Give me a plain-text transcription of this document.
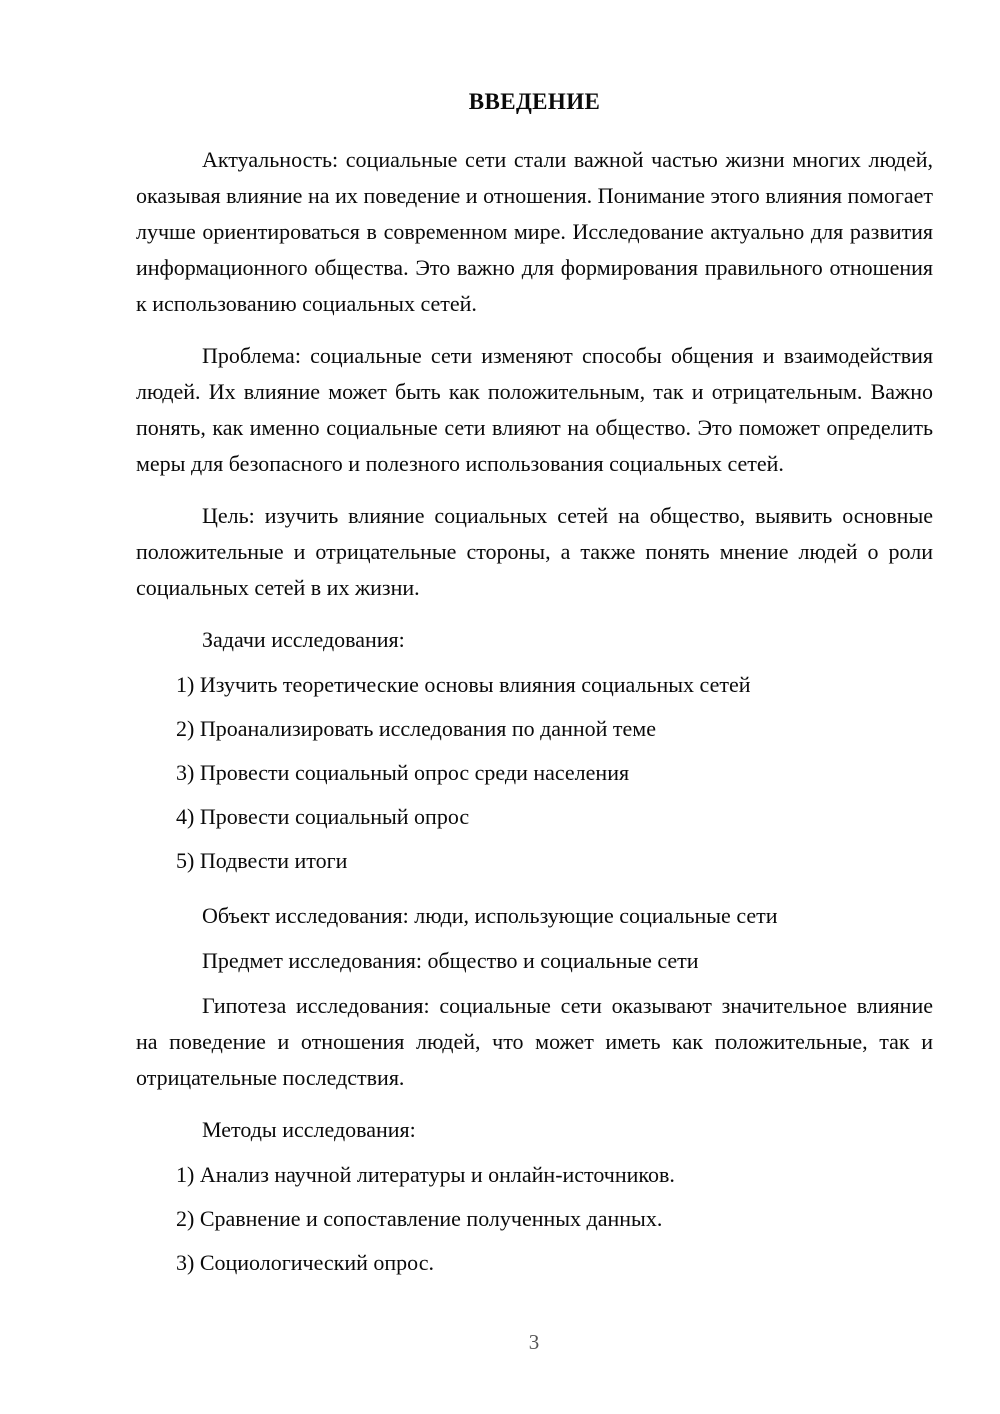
ВВЕДЕНИЕ

Актуальность: социальные сети стали важной частью жизни многих людей, оказывая влияние на их поведение и отношения. Понимание этого влияния помогает лучше ориентироваться в современном мире. Исследование актуально для развития информационного общества. Это важно для формирования правильного отношения к использованию социальных сетей.

Проблема: социальные сети изменяют способы общения и взаимодействия людей. Их влияние может быть как положительным, так и отрицательным. Важно понять, как именно социальные сети влияют на общество. Это поможет определить меры для безопасного и полезного использования социальных сетей.

Цель: изучить влияние социальных сетей на общество, выявить основные положительные и отрицательные стороны, а также понять мнение людей о роли социальных сетей в их жизни.

Задачи исследования:

1) Изучить теоретические основы влияния социальных сетей
2) Проанализировать исследования по данной теме
3) Провести социальный опрос среди населения
4) Провести социальный опрос
5) Подвести итоги

Объект исследования: люди, использующие социальные сети

Предмет исследования: общество и социальные сети

Гипотеза исследования: социальные сети оказывают значительное влияние на поведение и отношения людей, что может иметь как положительные, так и отрицательные последствия.

Методы исследования:

1) Анализ научной литературы и онлайн-источников.
2) Сравнение и сопоставление полученных данных.
3) Социологический опрос.
3
